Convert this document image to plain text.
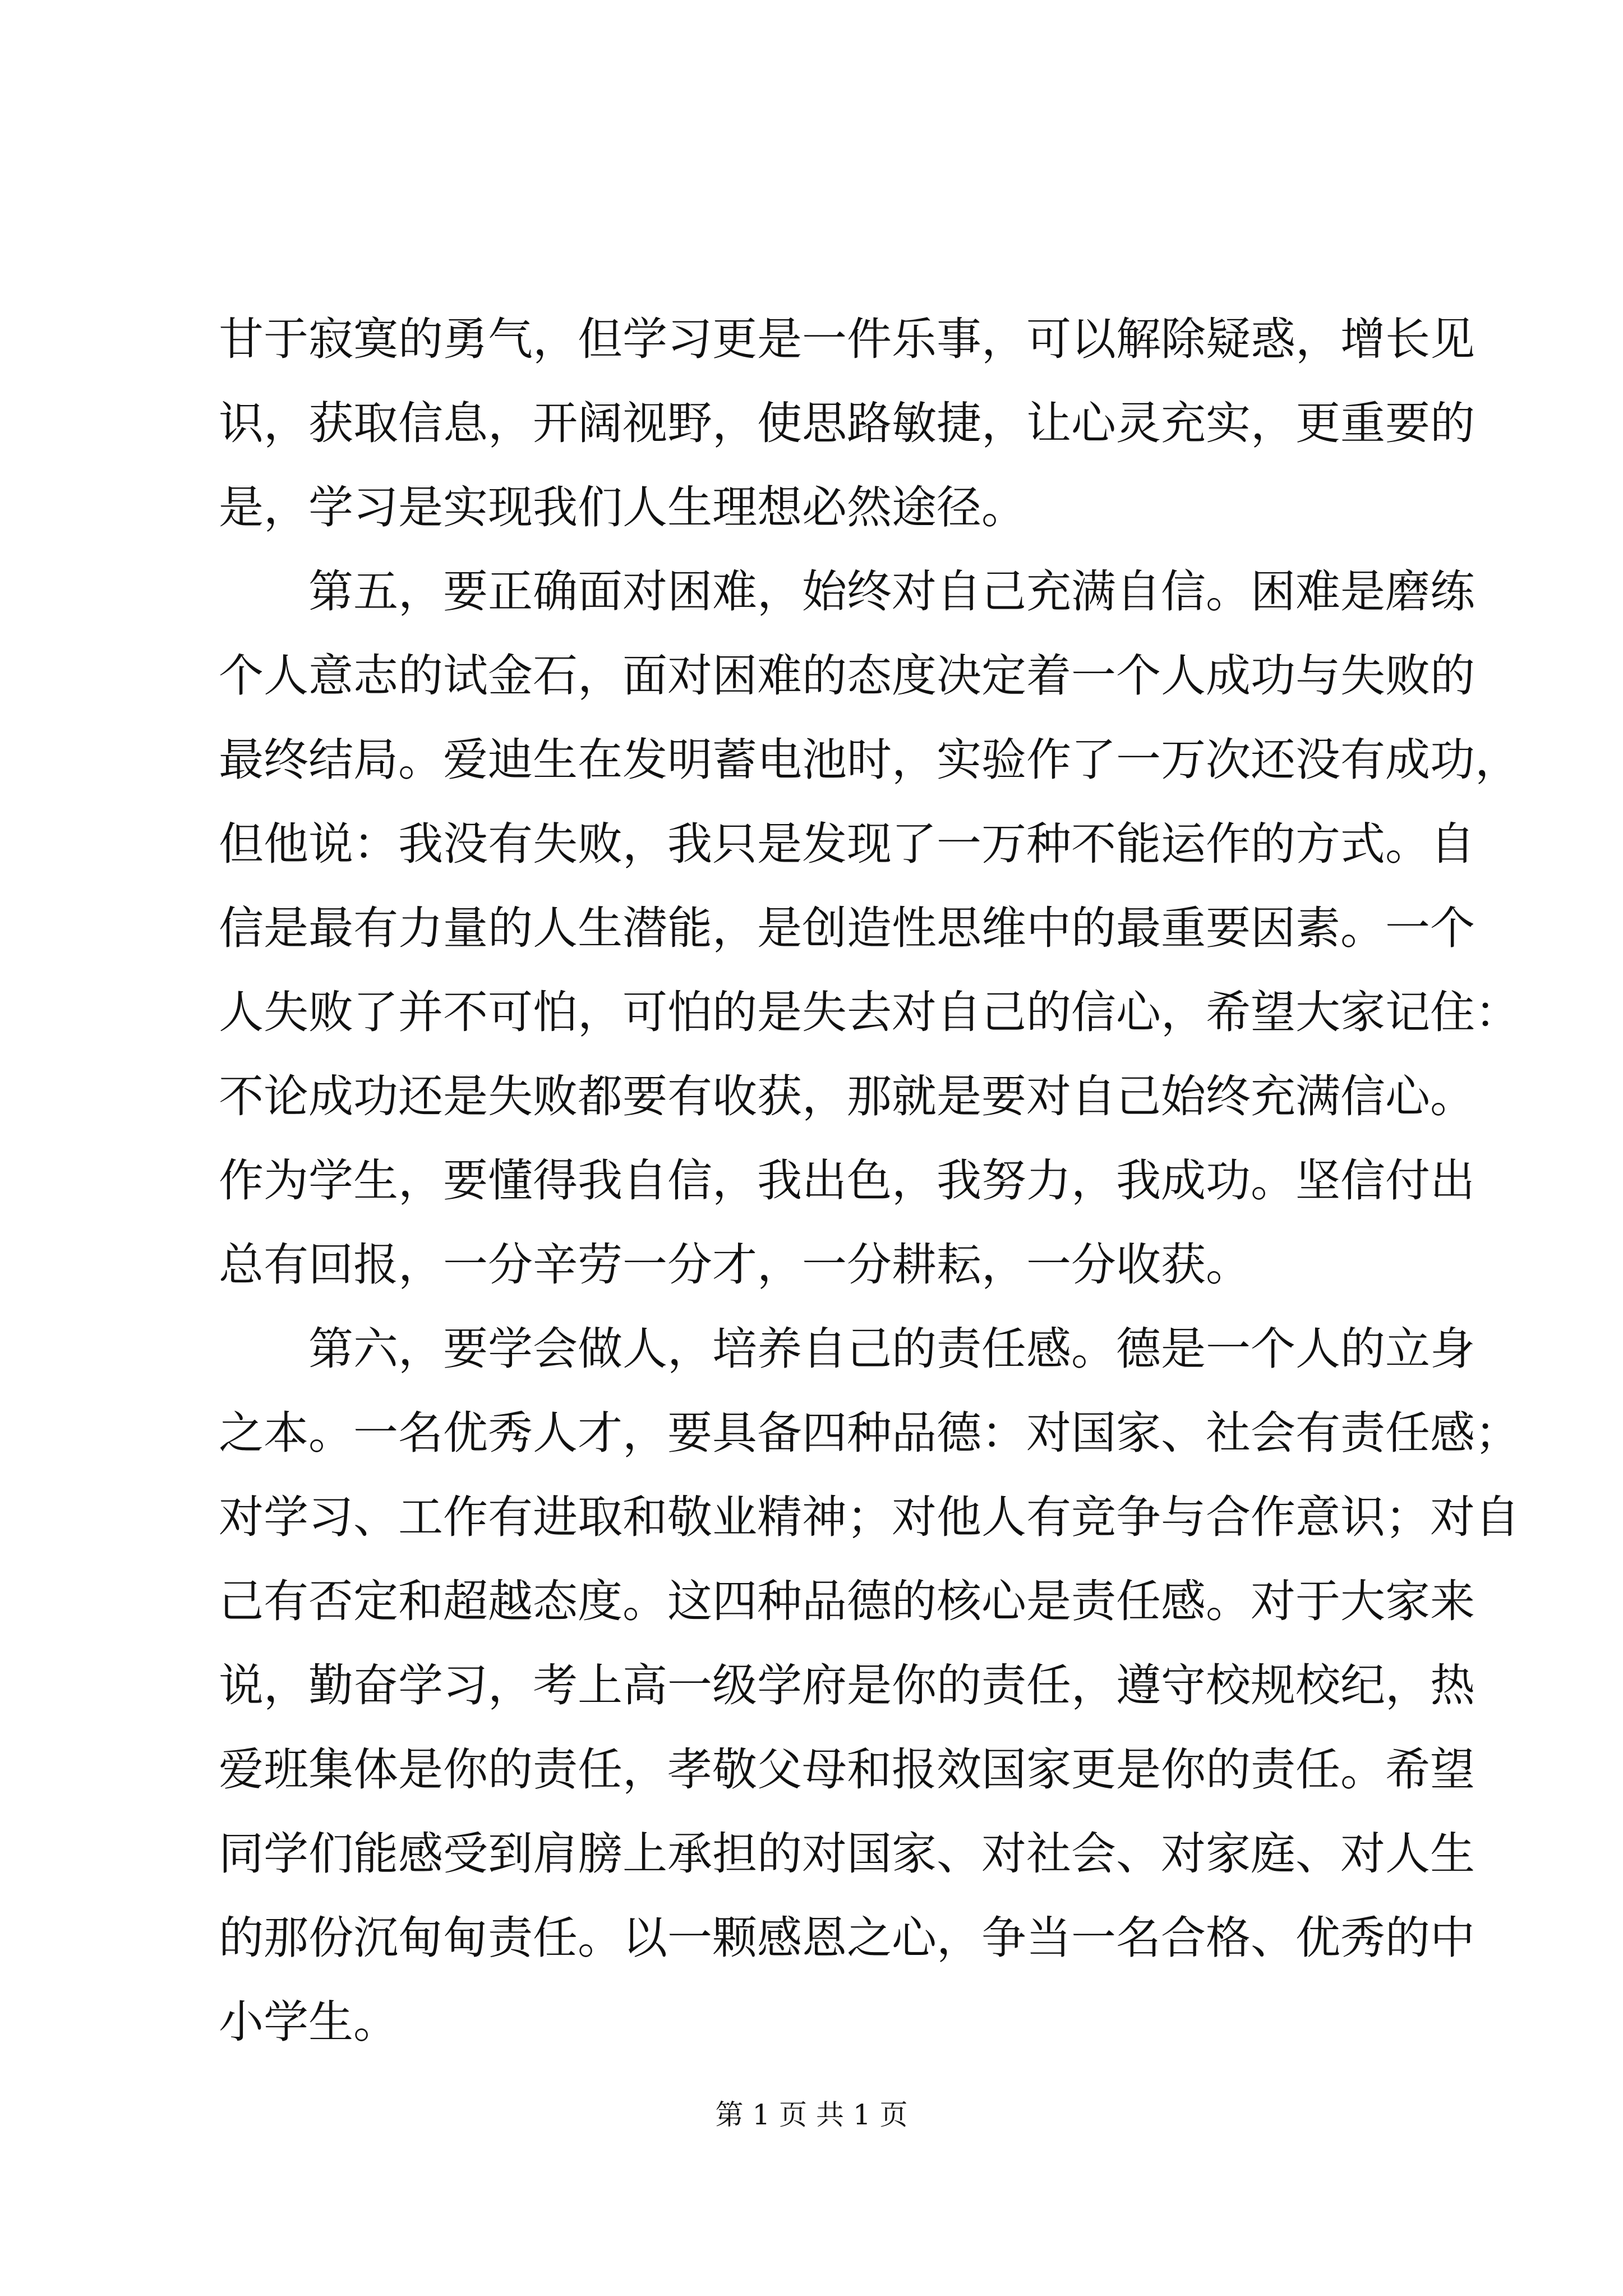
甘于寂寞的勇气，但学习更是一件乐事，可以解除疑惑，增长见
识，获取信息，开阔视野，使思路敏捷，让心灵充实，更重要的
是，学习是实现我们人生理想必然途径。
第五，要正确面对困难，始终对自己充满自信。困难是磨练
个人意志的试金石，面对困难的态度决定着一个人成功与失败的
最终结局。爱迪生在发明蓄电池时，实验作了一万次还没有成功，
但他说：我没有失败，我只是发现了一万种不能运作的方式。自
信是最有力量的人生潜能，是创造性思维中的最重要因素。一个
人失败了并不可怕，可怕的是失去对自己的信心，希望大家记住：
不论成功还是失败都要有收获，那就是要对自己始终充满信心。
作为学生，要懂得我自信，我出色，我努力，我成功。坚信付出
总有回报，一分辛劳一分才，一分耕耘，一分收获。
第六，要学会做人，培养自己的责任感。德是一个人的立身
之本。一名优秀人才，要具备四种品德：对国家、社会有责任感；
对学习、工作有进取和敬业精神；对他人有竞争与合作意识；对自
己有否定和超越态度。这四种品德的核心是责任感。对于大家来
说，勤奋学习，考上高一级学府是你的责任，遵守校规校纪，热
爱班集体是你的责任，孝敬父母和报效国家更是你的责任。希望
同学们能感受到肩膀上承担的对国家、对社会、对家庭、对人生
的那份沉甸甸责任。以一颗感恩之心，争当一名合格、优秀的中
小学生。
第 1 页 共 1 页
